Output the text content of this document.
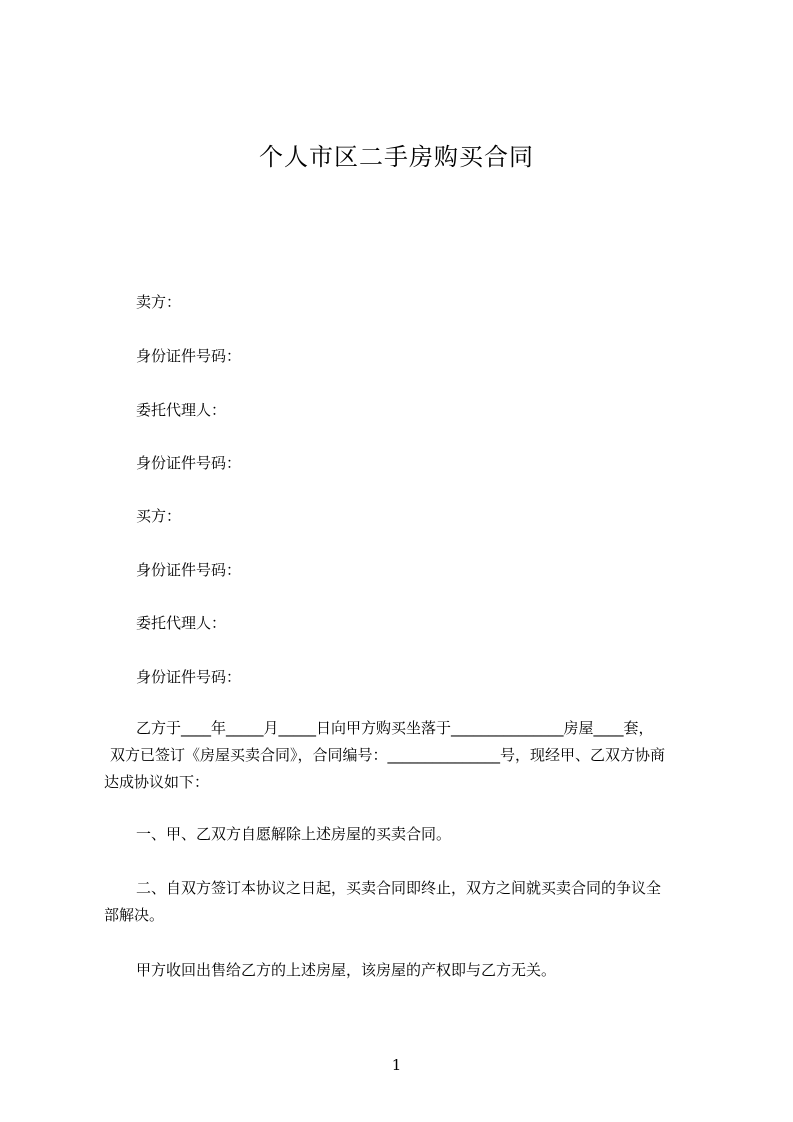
个人市区二手房购买合同
卖方：
身份证件号码：
委托代理人：
身份证件号码：
买方：
身份证件号码：
委托代理人：
身份证件号码：
乙方于____年_____月_____日向甲方购买坐落于_______________房屋____套，
双方已签订《房屋买卖合同》，合同编号：_______________号，现经甲、乙双方协商
达成协议如下：
一、甲、乙双方自愿解除上述房屋的买卖合同。
二、自双方签订本协议之日起，买卖合同即终止，双方之间就买卖合同的争议全
部解决。
甲方收回出售给乙方的上述房屋，该房屋的产权即与乙方无关。
1
